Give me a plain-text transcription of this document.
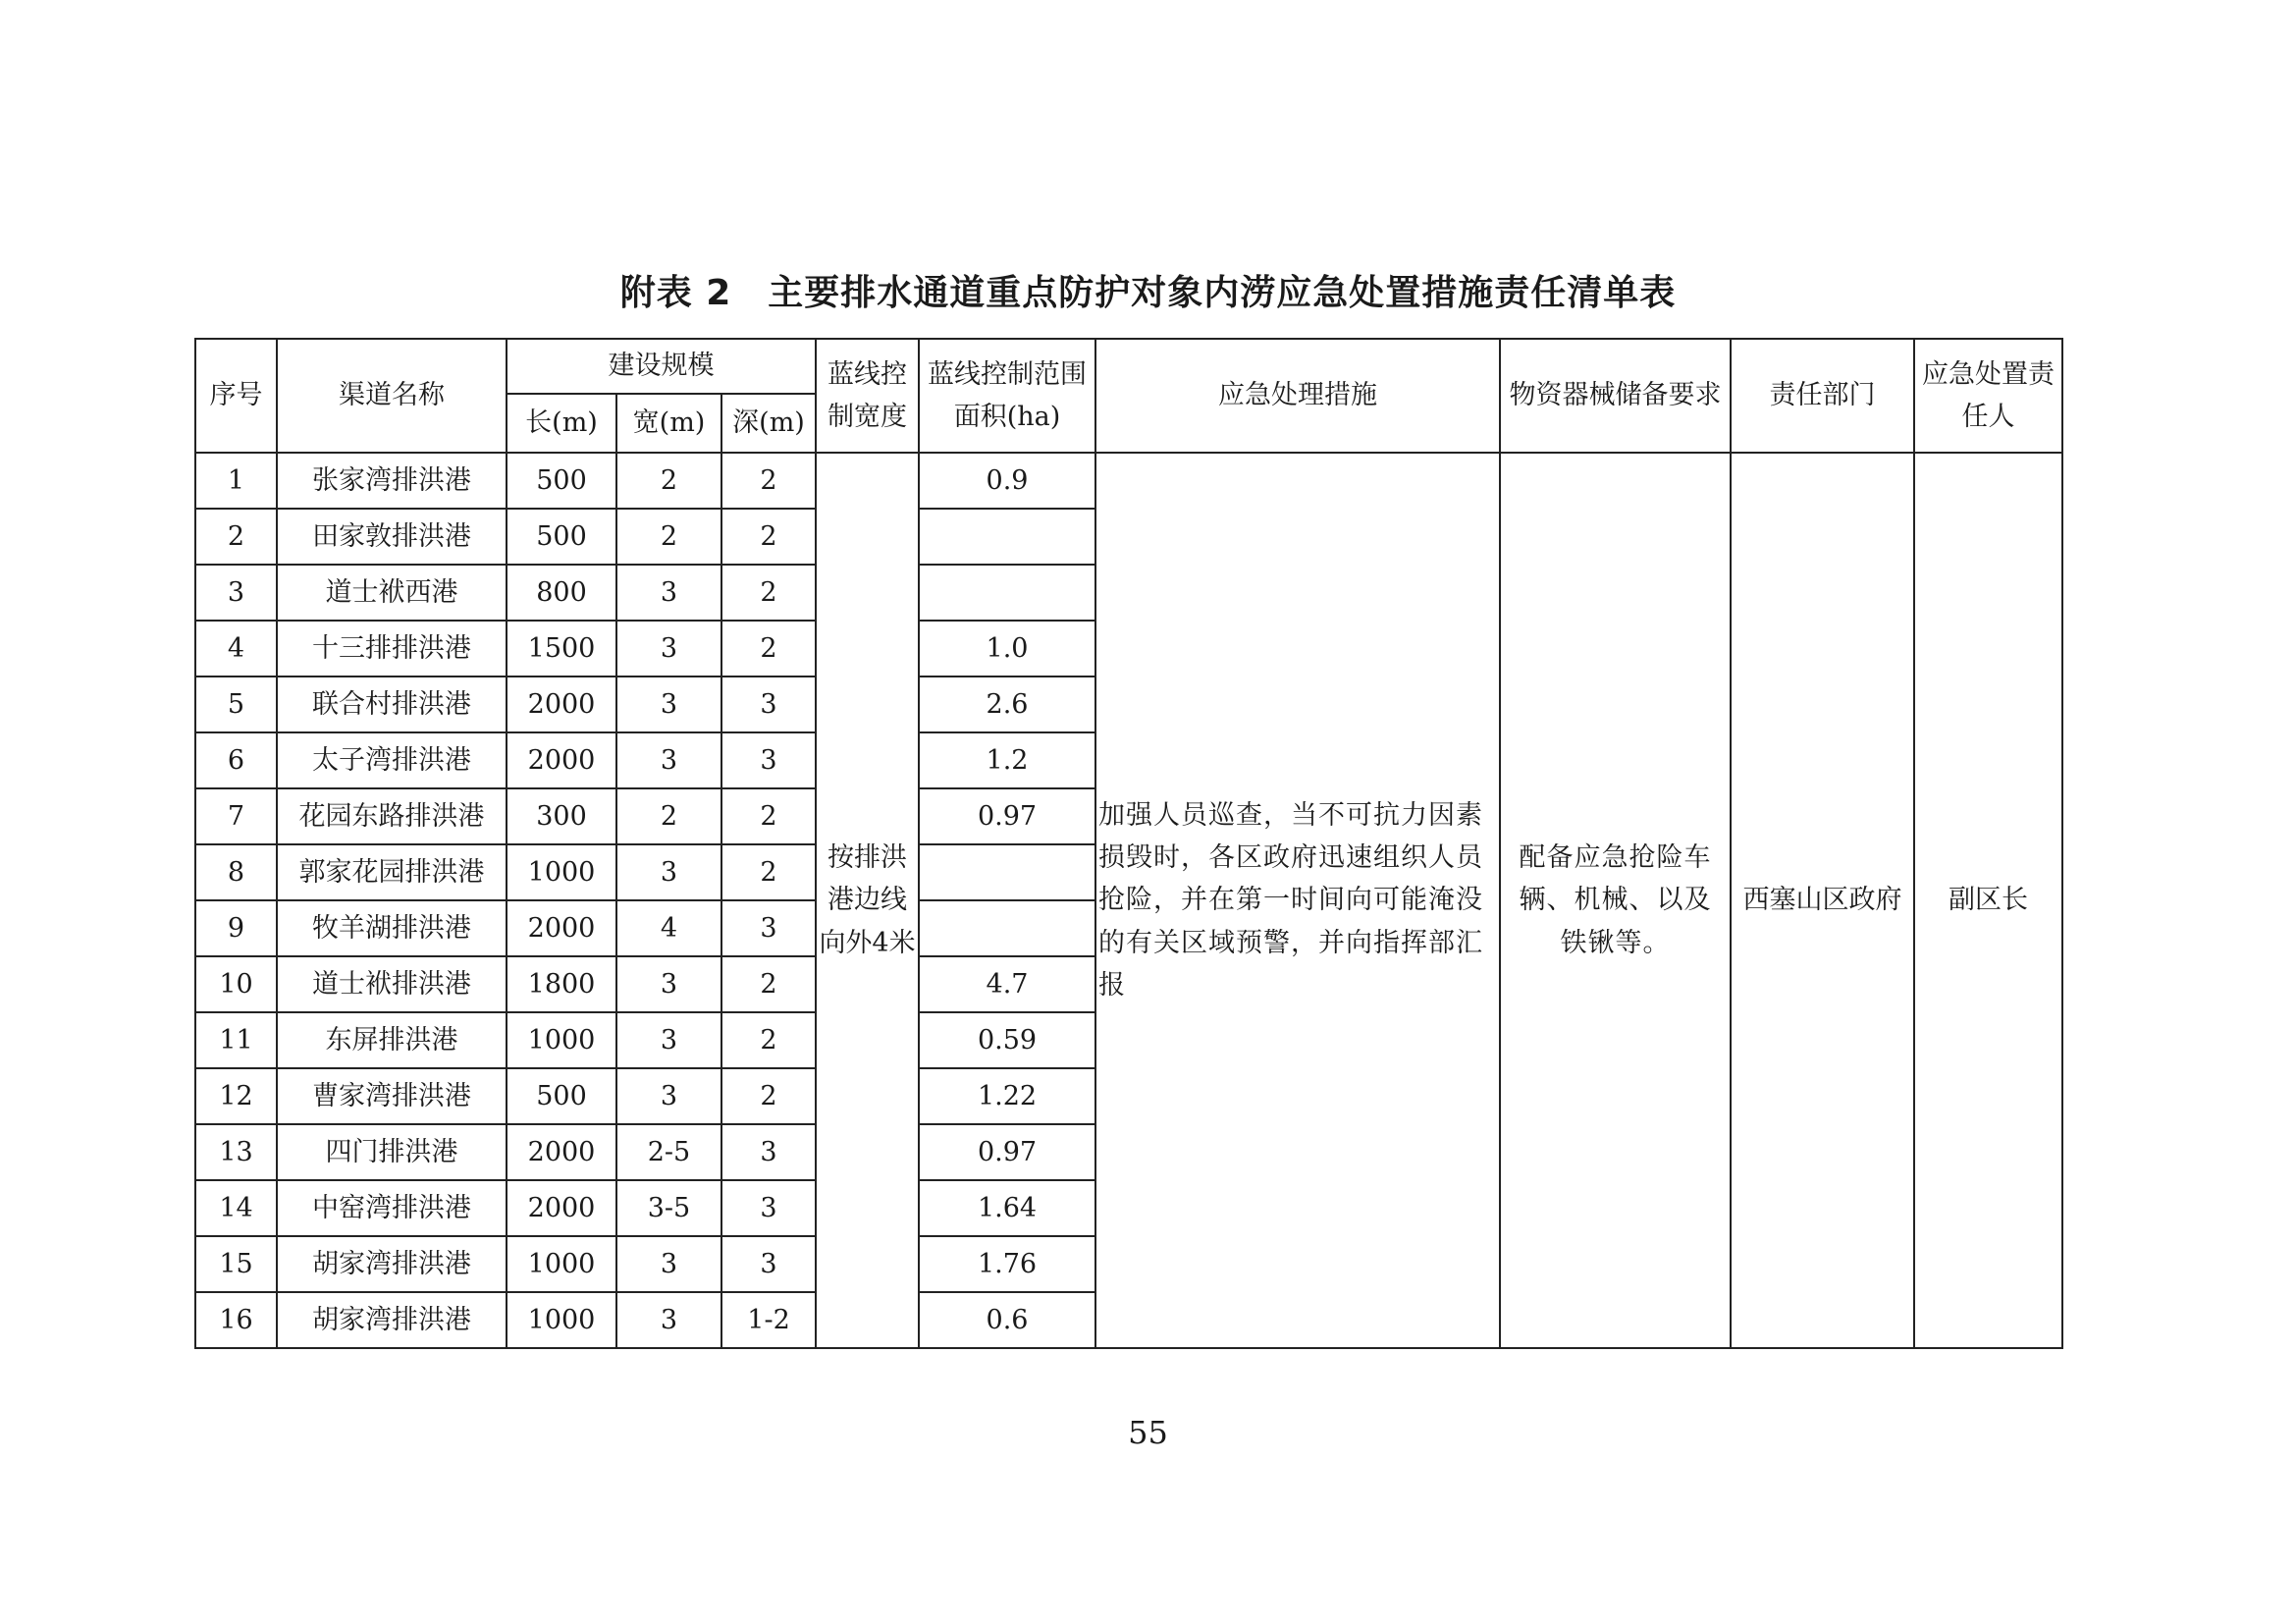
附表 2　主要排水通道重点防护对象内涝应急处置措施责任清单表
序号	渠道名称	建设规模			蓝线控制宽度	蓝线控制范围面积(ha)	应急处理措施	物资器械储备要求	责任部门	应急处置责任人
		长(m)	宽(m)	深(m)						
1	张家湾排洪港	500	2	2	按排洪港边线向外4米	0.9	加强人员巡查，当不可抗力因素损毁时，各区政府迅速组织人员抢险，并在第一时间向可能淹没的有关区域预警，并向指挥部汇报	配备应急抢险车辆、机械、以及铁锹等。	西塞山区政府	副区长
2	田家敦排洪港	500	2	2						
3	道士袱西港	800	3	2						
4	十三排排洪港	1500	3	2		1.0				
5	联合村排洪港	2000	3	3		2.6				
6	太子湾排洪港	2000	3	3		1.2				
7	花园东路排洪港	300	2	2		0.97				
8	郭家花园排洪港	1000	3	2						
9	牧羊湖排洪港	2000	4	3						
10	道士袱排洪港	1800	3	2		4.7				
11	东屏排洪港	1000	3	2		0.59				
12	曹家湾排洪港	500	3	2		1.22				
13	四门排洪港	2000	2-5	3		0.97				
14	中窑湾排洪港	2000	3-5	3		1.64				
15	胡家湾排洪港	1000	3	3		1.76				
16	胡家湾排洪港	1000	3	1-2		0.6				
55
